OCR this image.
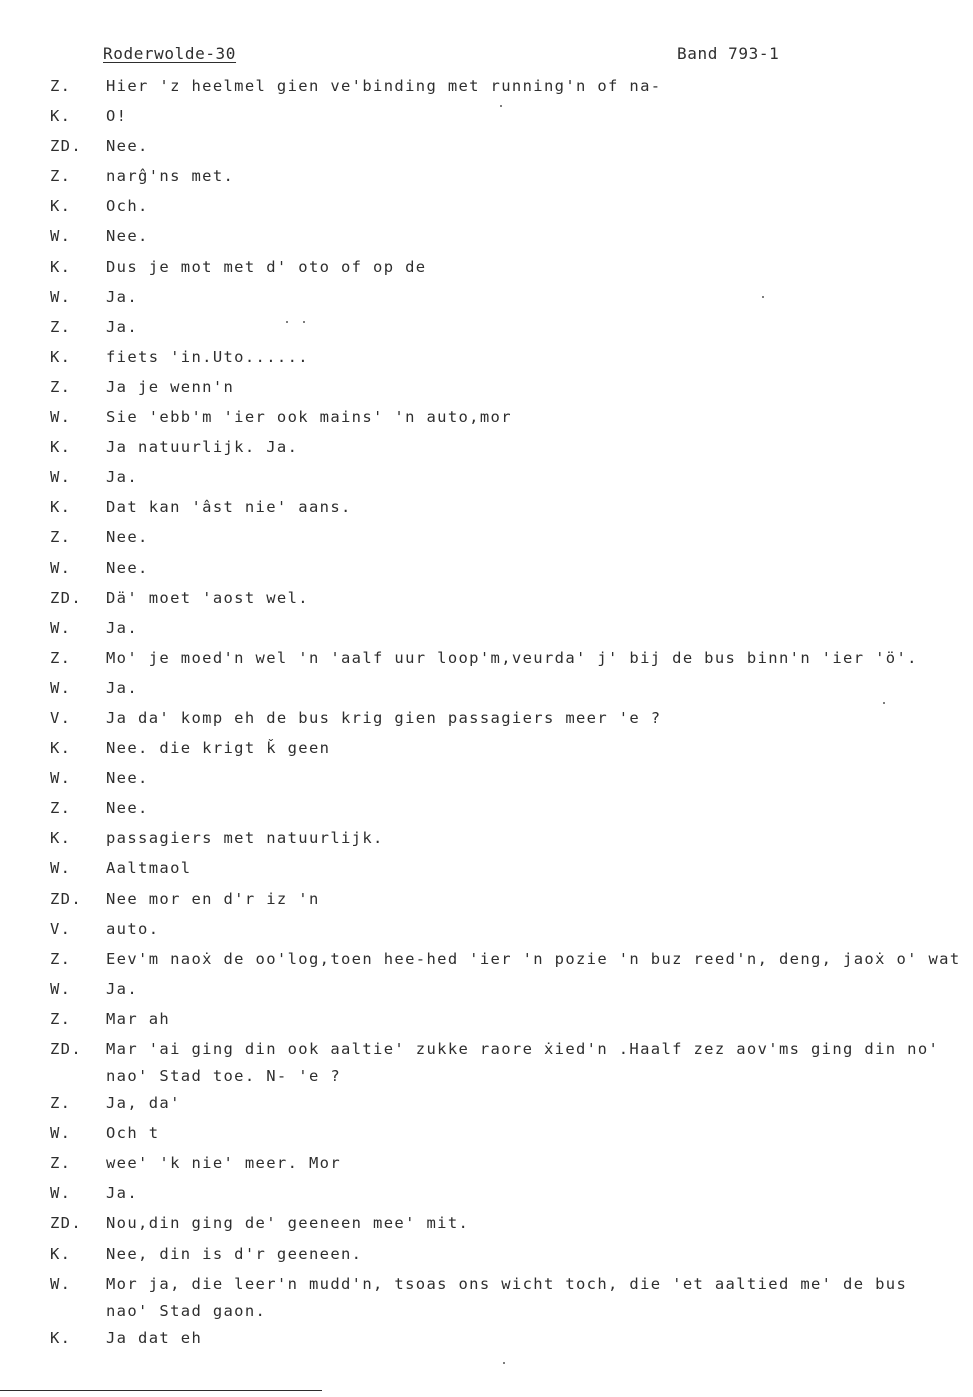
Roderwolde-30	Band 793-1
Z. Hier 'z heelmel gien ve'binding met running'n of na-
K. O!
ZD. Nee.
Z. narĝ'ns met.
K. Och.
W. Nee.
K. Dus je mot met d' oto of op de
W. Ja.
Z. Ja.
K. fiets 'in.Uto......
Z. Ja je wenn'n
W. Sie 'ebb'm 'ier ook mains' 'n auto,mor
K. Ja natuurlijk. Ja.
W. Ja.
K. Dat kan 'âst nie' aans.
Z. Nee.
W. Nee.
ZD. Dä' moet 'aost wel.
W. Ja.
Z. Mo' je moed'n wel 'n 'aalf uur loop'm,veurda' j' bij de bus binn'n 'ier 'ö'.
W. Ja.
V. Ja da' komp eh de bus krig gien passagiers meer 'e ?
K. Nee. die krigt ǩ geen
W. Nee.
Z. Nee.
K. passagiers met natuurlijk.
W. Aaltmaol
ZD. Nee mor en d'r iz 'n
V. auto.
Z. Eev'm naoẋ de oo'log,toen hee-hed 'ier 'n pozie 'n buz reed'n, deng, jaoẋ o' wat
W. Ja.
Z. Mar ah
ZD. Mar 'ai ging din ook aaltie' zukke raore ẋied'n .Haalf zez aov'ms ging din no'
nao' Stad toe. N- 'e ?
Z. Ja, da'
W. Och t
Z. wee' 'k nie' meer. Mor
W. Ja.
ZD. Nou,din ging de' geeneen mee' mit.
K. Nee, din is d'r geeneen.
W. Mor ja, die leer'n mudd'n, tsoas ons wicht toch, die 'et aaltied me' de bus
nao' Stad gaon.
K. Ja dat eh
